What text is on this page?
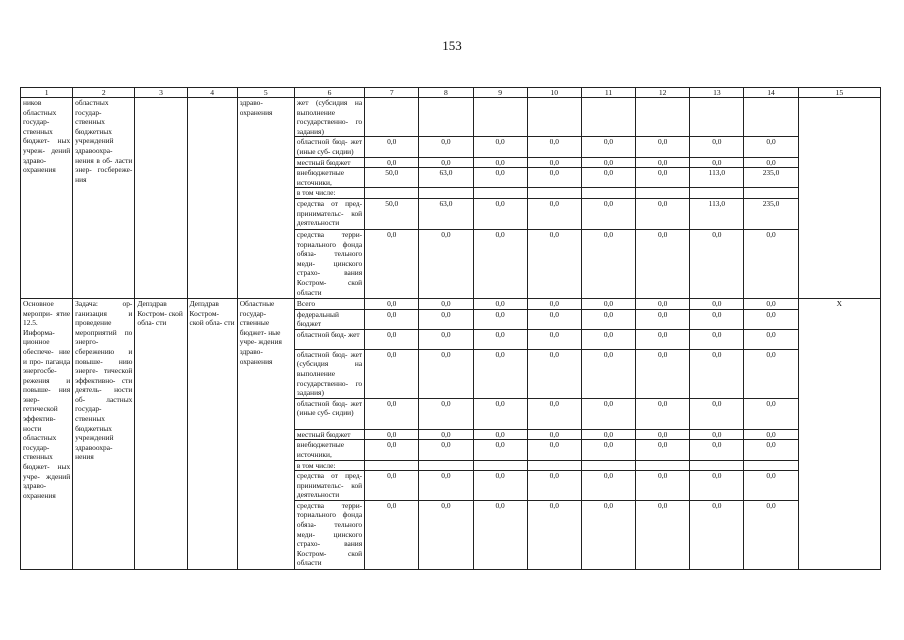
153
1	2	3	4	5	6	7	8	9	10	11	12	13	14	15
ников областных государ- ственных бюджет- ных учреж- дений здраво- охранения	областных государ- ственных бюджетных учреждений здравоохра- нения в об- ласти энер- госбереже- ния			здраво- охранения	жет (субсидия на выполнение государственно- го задания)									
					областной бюд- жет (иные суб- сидии)	0,0	0,0	0,0	0,0	0,0	0,0	0,0	0,0	
					местный бюджет	0,0	0,0	0,0	0,0	0,0	0,0	0,0	0,0	
					внебюджетные источники,	50,0	63,0	0,0	0,0	0,0	0,0	113,0	235,0	
					в том числе:									
					средства от пред- принимательс- кой деятельности	50,0	63,0	0,0	0,0	0,0	0,0	113,0	235,0	
					средства терри- ториального фонда обяза- тельного меди- цинского страхо- вания Костром- ской области	0,0	0,0	0,0	0,0	0,0	0,0	0,0	0,0	
Основное меропри- ятие 12.5. Информа- ционное обеспече- ние и про- паганда энергосбе- режения и повыше- ния энер- гетической эффектив- ности областных государ- ственных бюджет- ных учре- ждений здраво- охранения	Задача: ор- ганизация и проведение мероприятий по энерго- сбережению и повыше- нию энерге- тической эффективно- сти деятель- ности об- ластных государ- ственных бюджетных учреждений здравоохра- нения	Депздрав Костром- ской обла- сти	Депздрав Костром- ской обла- сти	Областные государ- ственные бюджет- ные учре- ждения здраво- охранения	Всего	0,0	0,0	0,0	0,0	0,0	0,0	0,0	0,0	X
					федеральный бюджет	0,0	0,0	0,0	0,0	0,0	0,0	0,0	0,0	
					областной бюд- жет	0,0	0,0	0,0	0,0	0,0	0,0	0,0	0,0	
					областной бюд- жет (субсидия на выполнение государственно- го задания)	0,0	0,0	0,0	0,0	0,0	0,0	0,0	0,0	
					областной бюд- жет (иные суб- сидии)	0,0	0,0	0,0	0,0	0,0	0,0	0,0	0,0	
					местный бюджет	0,0	0,0	0,0	0,0	0,0	0,0	0,0	0,0	
					внебюджетные источники,	0,0	0,0	0,0	0,0	0,0	0,0	0,0	0,0	
					в том числе:									
					средства от пред- принимательс- кой деятельности	0,0	0,0	0,0	0,0	0,0	0,0	0,0	0,0	
					средства терри- ториального фонда обяза- тельного меди- цинского страхо- вания Костром- ской области	0,0	0,0	0,0	0,0	0,0	0,0	0,0	0,0	
